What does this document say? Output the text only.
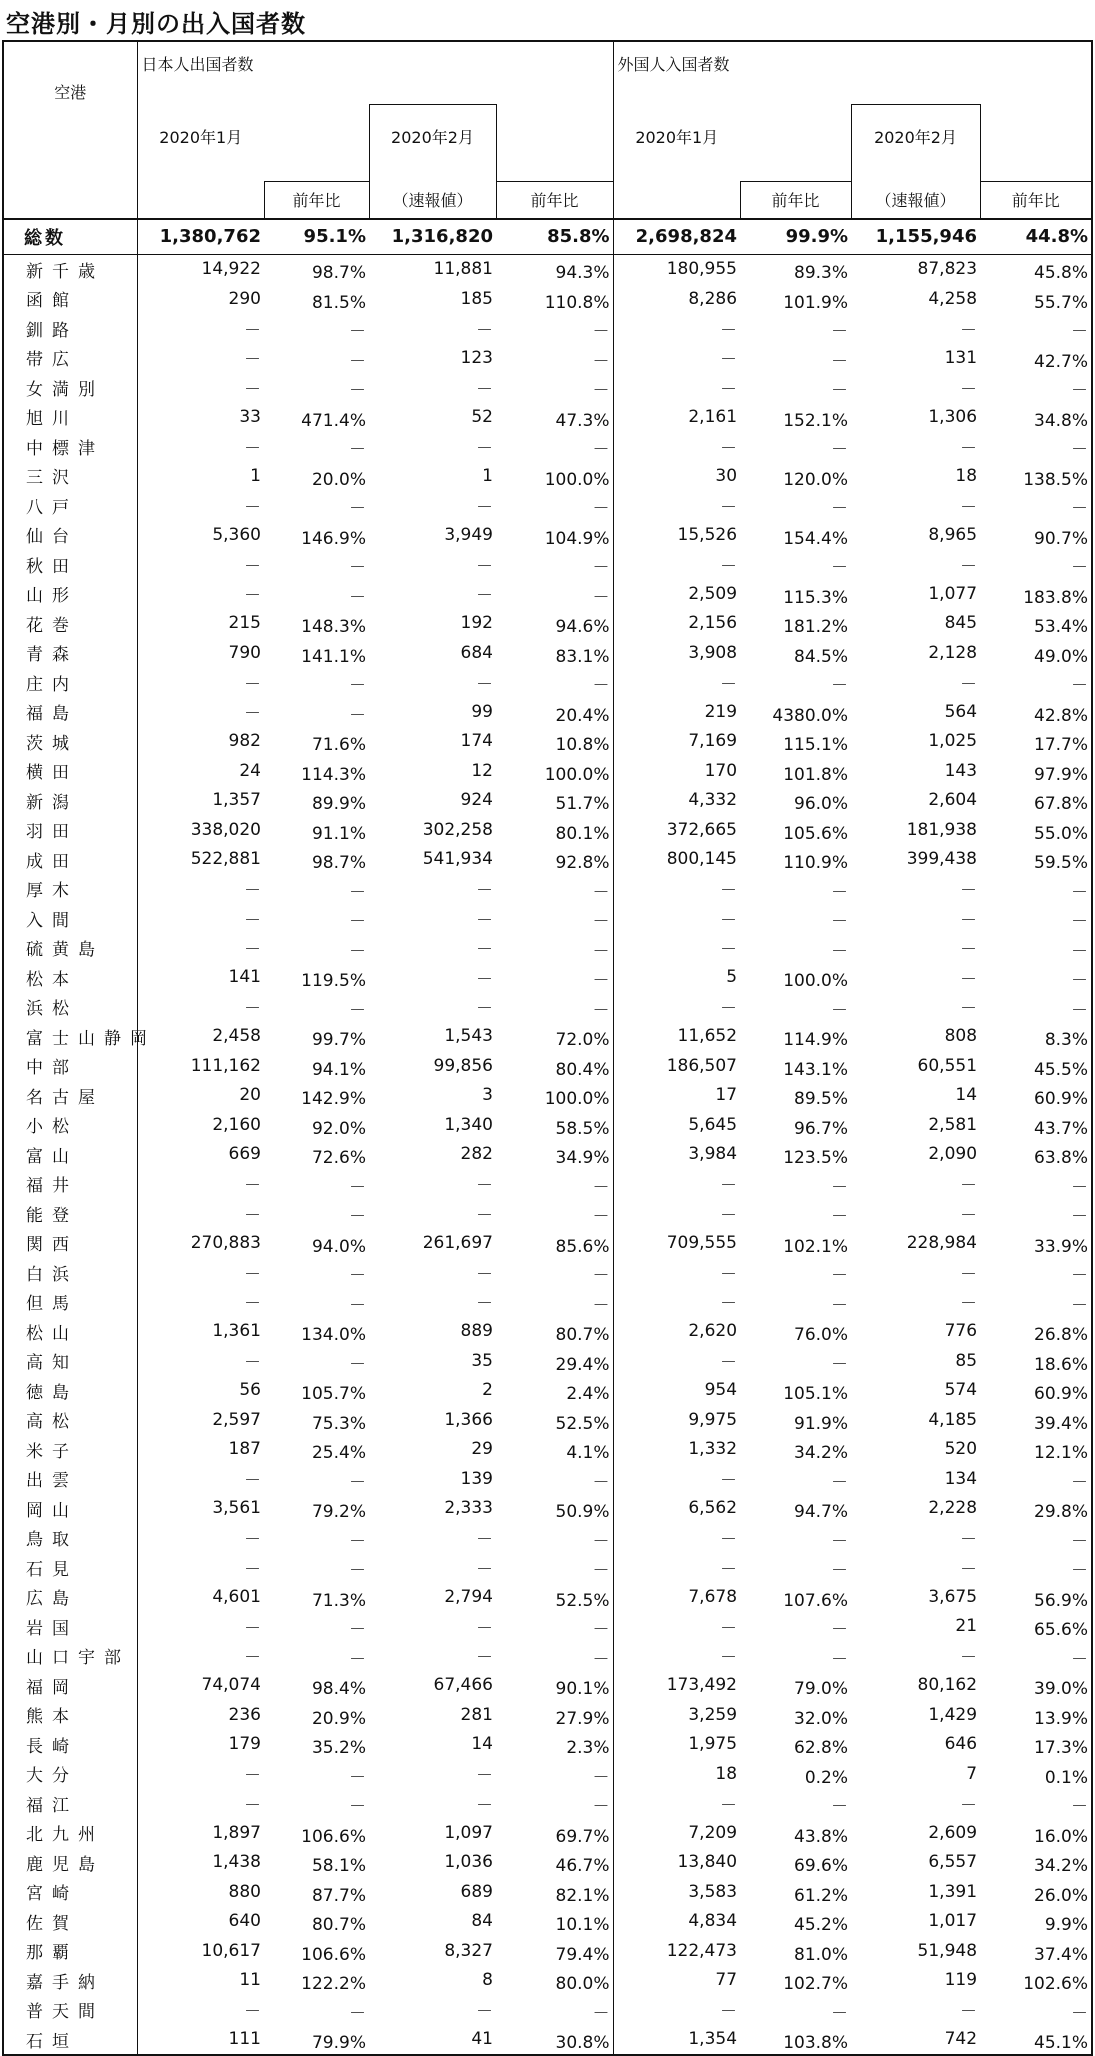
空港別・月別の出入国者数
空港	日本人出国者数				外国人入国者数			
	2020年1月		2020年2月		2020年1月		2020年2月	
		前年比	（速報値）	前年比		前年比	（速報値）	前年比
総数	1,380,762	95.1%	1,316,820	85.8%	2,698,824	99.9%	1,155,946	44.8%
新千歳	14,922	98.7%	11,881	94.3%	180,955	89.3%	87,823	45.8%
函館	290	81.5%	185	110.8%	8,286	101.9%	4,258	55.7%
釧路	－	－	－	－	－	－	－	－
帯広	－	－	123	－	－	－	131	42.7%
女満別	－	－	－	－	－	－	－	－
旭川	33	471.4%	52	47.3%	2,161	152.1%	1,306	34.8%
中標津	－	－	－	－	－	－	－	－
三沢	1	20.0%	1	100.0%	30	120.0%	18	138.5%
八戸	－	－	－	－	－	－	－	－
仙台	5,360	146.9%	3,949	104.9%	15,526	154.4%	8,965	90.7%
秋田	－	－	－	－	－	－	－	－
山形	－	－	－	－	2,509	115.3%	1,077	183.8%
花巻	215	148.3%	192	94.6%	2,156	181.2%	845	53.4%
青森	790	141.1%	684	83.1%	3,908	84.5%	2,128	49.0%
庄内	－	－	－	－	－	－	－	－
福島	－	－	99	20.4%	219	4380.0%	564	42.8%
茨城	982	71.6%	174	10.8%	7,169	115.1%	1,025	17.7%
横田	24	114.3%	12	100.0%	170	101.8%	143	97.9%
新潟	1,357	89.9%	924	51.7%	4,332	96.0%	2,604	67.8%
羽田	338,020	91.1%	302,258	80.1%	372,665	105.6%	181,938	55.0%
成田	522,881	98.7%	541,934	92.8%	800,145	110.9%	399,438	59.5%
厚木	－	－	－	－	－	－	－	－
入間	－	－	－	－	－	－	－	－
硫黄島	－	－	－	－	－	－	－	－
松本	141	119.5%	－	－	5	100.0%	－	－
浜松	－	－	－	－	－	－	－	－
富士山静岡	2,458	99.7%	1,543	72.0%	11,652	114.9%	808	8.3%
中部	111,162	94.1%	99,856	80.4%	186,507	143.1%	60,551	45.5%
名古屋	20	142.9%	3	100.0%	17	89.5%	14	60.9%
小松	2,160	92.0%	1,340	58.5%	5,645	96.7%	2,581	43.7%
富山	669	72.6%	282	34.9%	3,984	123.5%	2,090	63.8%
福井	－	－	－	－	－	－	－	－
能登	－	－	－	－	－	－	－	－
関西	270,883	94.0%	261,697	85.6%	709,555	102.1%	228,984	33.9%
白浜	－	－	－	－	－	－	－	－
但馬	－	－	－	－	－	－	－	－
松山	1,361	134.0%	889	80.7%	2,620	76.0%	776	26.8%
高知	－	－	35	29.4%	－	－	85	18.6%
徳島	56	105.7%	2	2.4%	954	105.1%	574	60.9%
高松	2,597	75.3%	1,366	52.5%	9,975	91.9%	4,185	39.4%
米子	187	25.4%	29	4.1%	1,332	34.2%	520	12.1%
出雲	－	－	139	－	－	－	134	－
岡山	3,561	79.2%	2,333	50.9%	6,562	94.7%	2,228	29.8%
鳥取	－	－	－	－	－	－	－	－
石見	－	－	－	－	－	－	－	－
広島	4,601	71.3%	2,794	52.5%	7,678	107.6%	3,675	56.9%
岩国	－	－	－	－	－	－	21	65.6%
山口宇部	－	－	－	－	－	－	－	－
福岡	74,074	98.4%	67,466	90.1%	173,492	79.0%	80,162	39.0%
熊本	236	20.9%	281	27.9%	3,259	32.0%	1,429	13.9%
長崎	179	35.2%	14	2.3%	1,975	62.8%	646	17.3%
大分	－	－	－	－	18	0.2%	7	0.1%
福江	－	－	－	－	－	－	－	－
北九州	1,897	106.6%	1,097	69.7%	7,209	43.8%	2,609	16.0%
鹿児島	1,438	58.1%	1,036	46.7%	13,840	69.6%	6,557	34.2%
宮崎	880	87.7%	689	82.1%	3,583	61.2%	1,391	26.0%
佐賀	640	80.7%	84	10.1%	4,834	45.2%	1,017	9.9%
那覇	10,617	106.6%	8,327	79.4%	122,473	81.0%	51,948	37.4%
嘉手納	11	122.2%	8	80.0%	77	102.7%	119	102.6%
普天間	－	－	－	－	－	－	－	－
石垣	111	79.9%	41	30.8%	1,354	103.8%	742	45.1%
